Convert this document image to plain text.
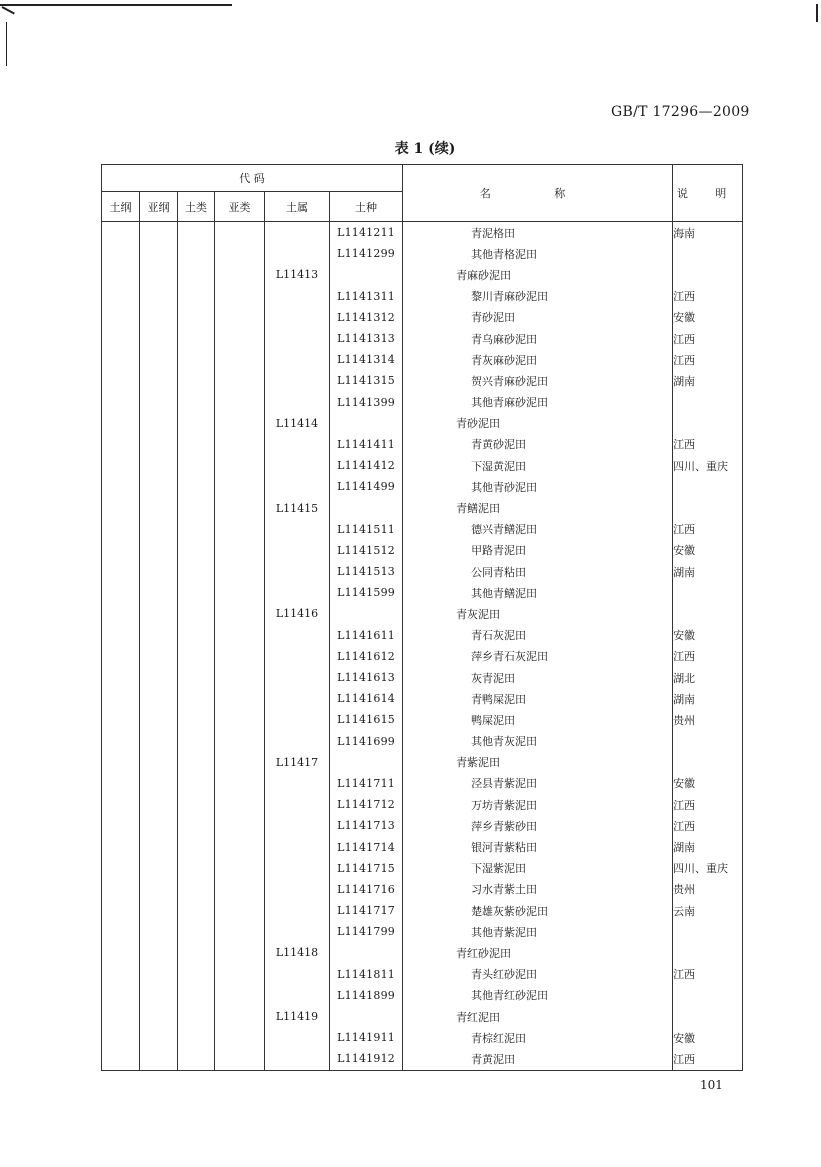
GB/T 17296—2009
表 1 (续)
代 码						名 称	说 明
土纲	亚纲	土类	亚类	土属	土种		
					L1141211	青泥格田	海南
					L1141299	其他青格泥田	
				L11413		青麻砂泥田	
					L1141311	黎川青麻砂泥田	江西
					L1141312	青砂泥田	安徽
					L1141313	青乌麻砂泥田	江西
					L1141314	青灰麻砂泥田	江西
					L1141315	贺兴青麻砂泥田	湖南
					L1141399	其他青麻砂泥田	
				L11414		青砂泥田	
					L1141411	青黄砂泥田	江西
					L1141412	下湿黄泥田	四川、重庆
					L1141499	其他青砂泥田	
				L11415		青鳝泥田	
					L1141511	德兴青鳝泥田	江西
					L1141512	甲路青泥田	安徽
					L1141513	公同青粘田	湖南
					L1141599	其他青鳝泥田	
				L11416		青灰泥田	
					L1141611	青石灰泥田	安徽
					L1141612	萍乡青石灰泥田	江西
					L1141613	灰青泥田	湖北
					L1141614	青鸭屎泥田	湖南
					L1141615	鸭屎泥田	贵州
					L1141699	其他青灰泥田	
				L11417		青紫泥田	
					L1141711	泾县青紫泥田	安徽
					L1141712	万坊青紫泥田	江西
					L1141713	萍乡青紫砂田	江西
					L1141714	银河青紫粘田	湖南
					L1141715	下湿紫泥田	四川、重庆
					L1141716	习水青紫土田	贵州
					L1141717	楚雄灰紫砂泥田	云南
					L1141799	其他青紫泥田	
				L11418		青红砂泥田	
					L1141811	青头红砂泥田	江西
					L1141899	其他青红砂泥田	
				L11419		青红泥田	
					L1141911	青棕红泥田	安徽
					L1141912	青黄泥田	江西
101
